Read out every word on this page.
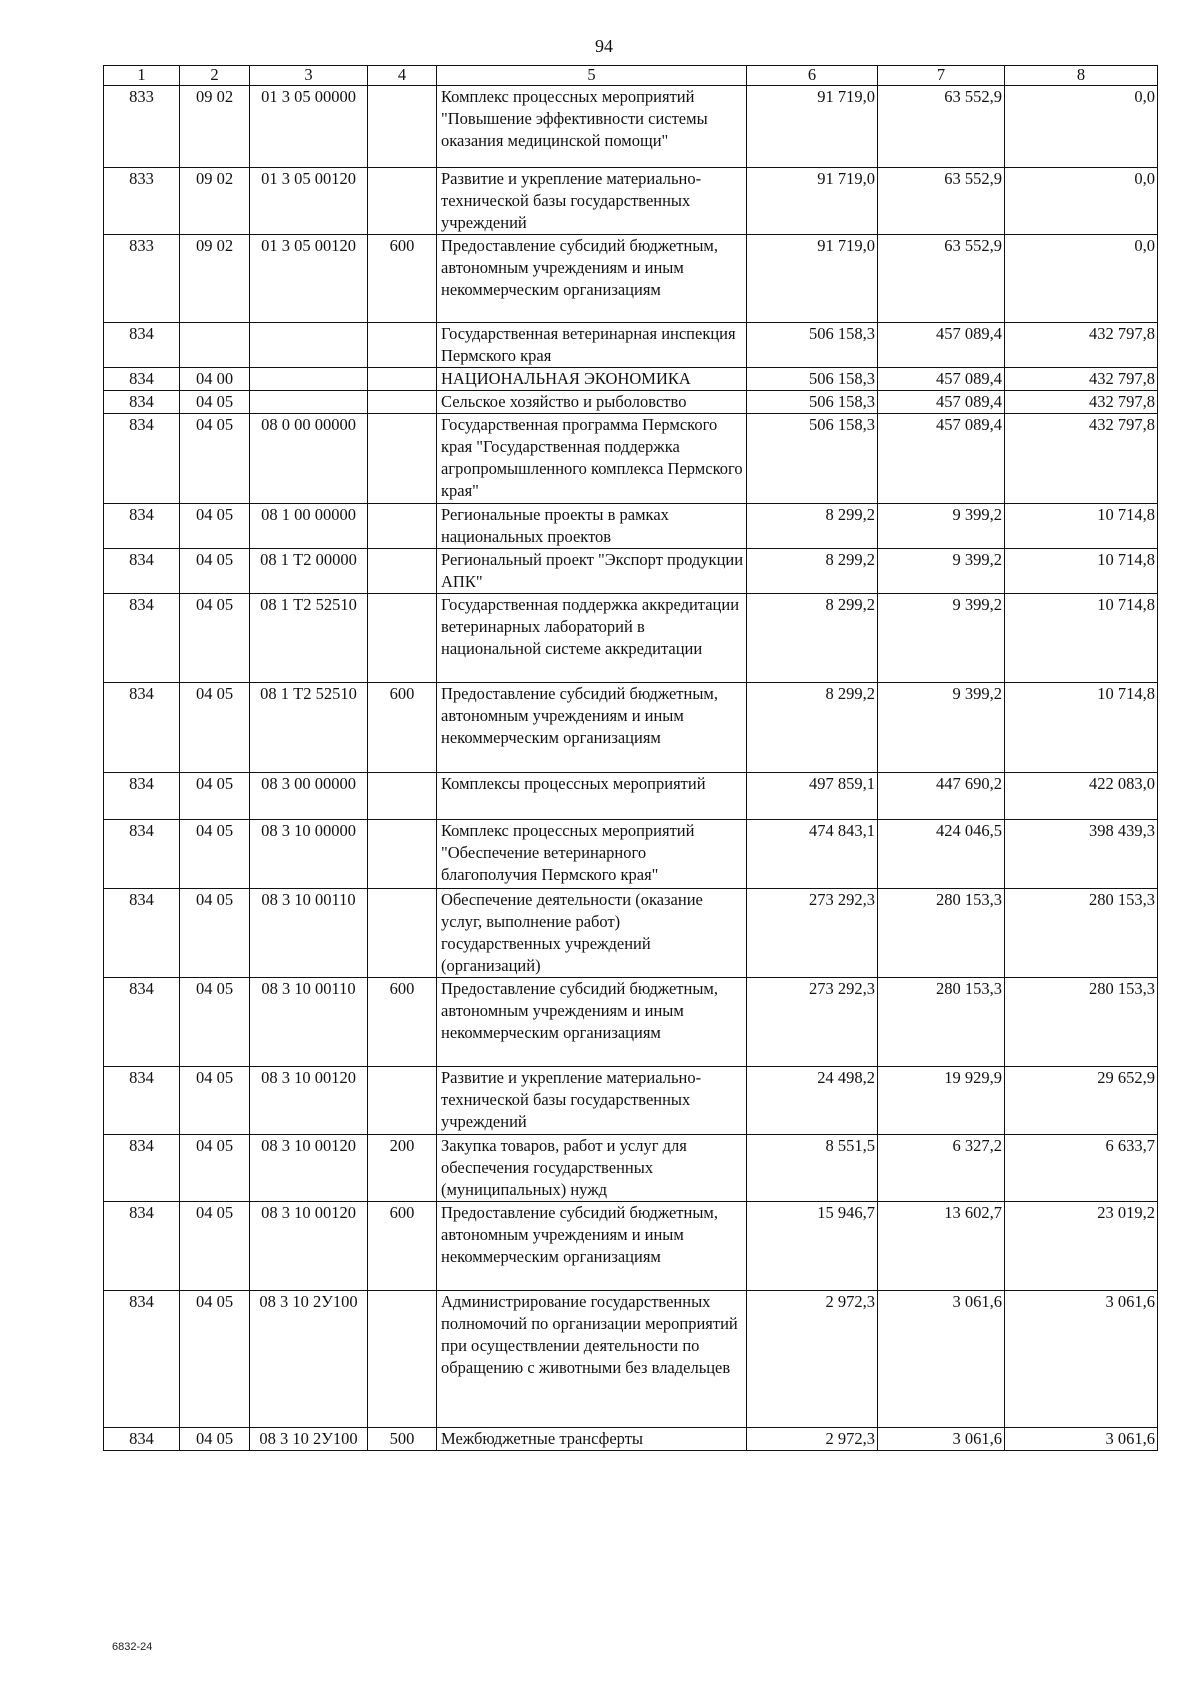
94
1	2	3	4	5	6	7	8
833	09 02	01 3 05 00000		Комплекс процессных мероприятий "Повышение эффективности системы оказания медицинской помощи"	91 719,0	63 552,9	0,0
833	09 02	01 3 05 00120		Развитие и укрепление материально-технической базы государственных учреждений	91 719,0	63 552,9	0,0
833	09 02	01 3 05 00120	600	Предоставление субсидий бюджетным, автономным учреждениям и иным некоммерческим организациям	91 719,0	63 552,9	0,0
834				Государственная ветеринарная инспекция Пермского края	506 158,3	457 089,4	432 797,8
834	04 00			НАЦИОНАЛЬНАЯ ЭКОНОМИКА	506 158,3	457 089,4	432 797,8
834	04 05			Сельское хозяйство и рыболовство	506 158,3	457 089,4	432 797,8
834	04 05	08 0 00 00000		Государственная программа Пермского края "Государственная поддержка агропромышленного комплекса Пермского края"	506 158,3	457 089,4	432 797,8
834	04 05	08 1 00 00000		Региональные проекты в рамках национальных проектов	8 299,2	9 399,2	10 714,8
834	04 05	08 1 Т2 00000		Региональный проект "Экспорт продукции АПК"	8 299,2	9 399,2	10 714,8
834	04 05	08 1 Т2 52510		Государственная поддержка аккредитации ветеринарных лабораторий в национальной системе аккредитации	8 299,2	9 399,2	10 714,8
834	04 05	08 1 Т2 52510	600	Предоставление субсидий бюджетным, автономным учреждениям и иным некоммерческим организациям	8 299,2	9 399,2	10 714,8
834	04 05	08 3 00 00000		Комплексы процессных мероприятий	497 859,1	447 690,2	422 083,0
834	04 05	08 3 10 00000		Комплекс процессных мероприятий "Обеспечение ветеринарного благополучия Пермского края"	474 843,1	424 046,5	398 439,3
834	04 05	08 3 10 00110		Обеспечение деятельности (оказание услуг, выполнение работ) государственных учреждений (организаций)	273 292,3	280 153,3	280 153,3
834	04 05	08 3 10 00110	600	Предоставление субсидий бюджетным, автономным учреждениям и иным некоммерческим организациям	273 292,3	280 153,3	280 153,3
834	04 05	08 3 10 00120		Развитие и укрепление материально-технической базы государственных учреждений	24 498,2	19 929,9	29 652,9
834	04 05	08 3 10 00120	200	Закупка товаров, работ и услуг для обеспечения государственных (муниципальных) нужд	8 551,5	6 327,2	6 633,7
834	04 05	08 3 10 00120	600	Предоставление субсидий бюджетным, автономным учреждениям и иным некоммерческим организациям	15 946,7	13 602,7	23 019,2
834	04 05	08 3 10 2У100		Администрирование государственных полномочий по организации мероприятий при осуществлении деятельности по обращению с животными без владельцев	2 972,3	3 061,6	3 061,6
834	04 05	08 3 10 2У100	500	Межбюджетные трансферты	2 972,3	3 061,6	3 061,6
6832-24
